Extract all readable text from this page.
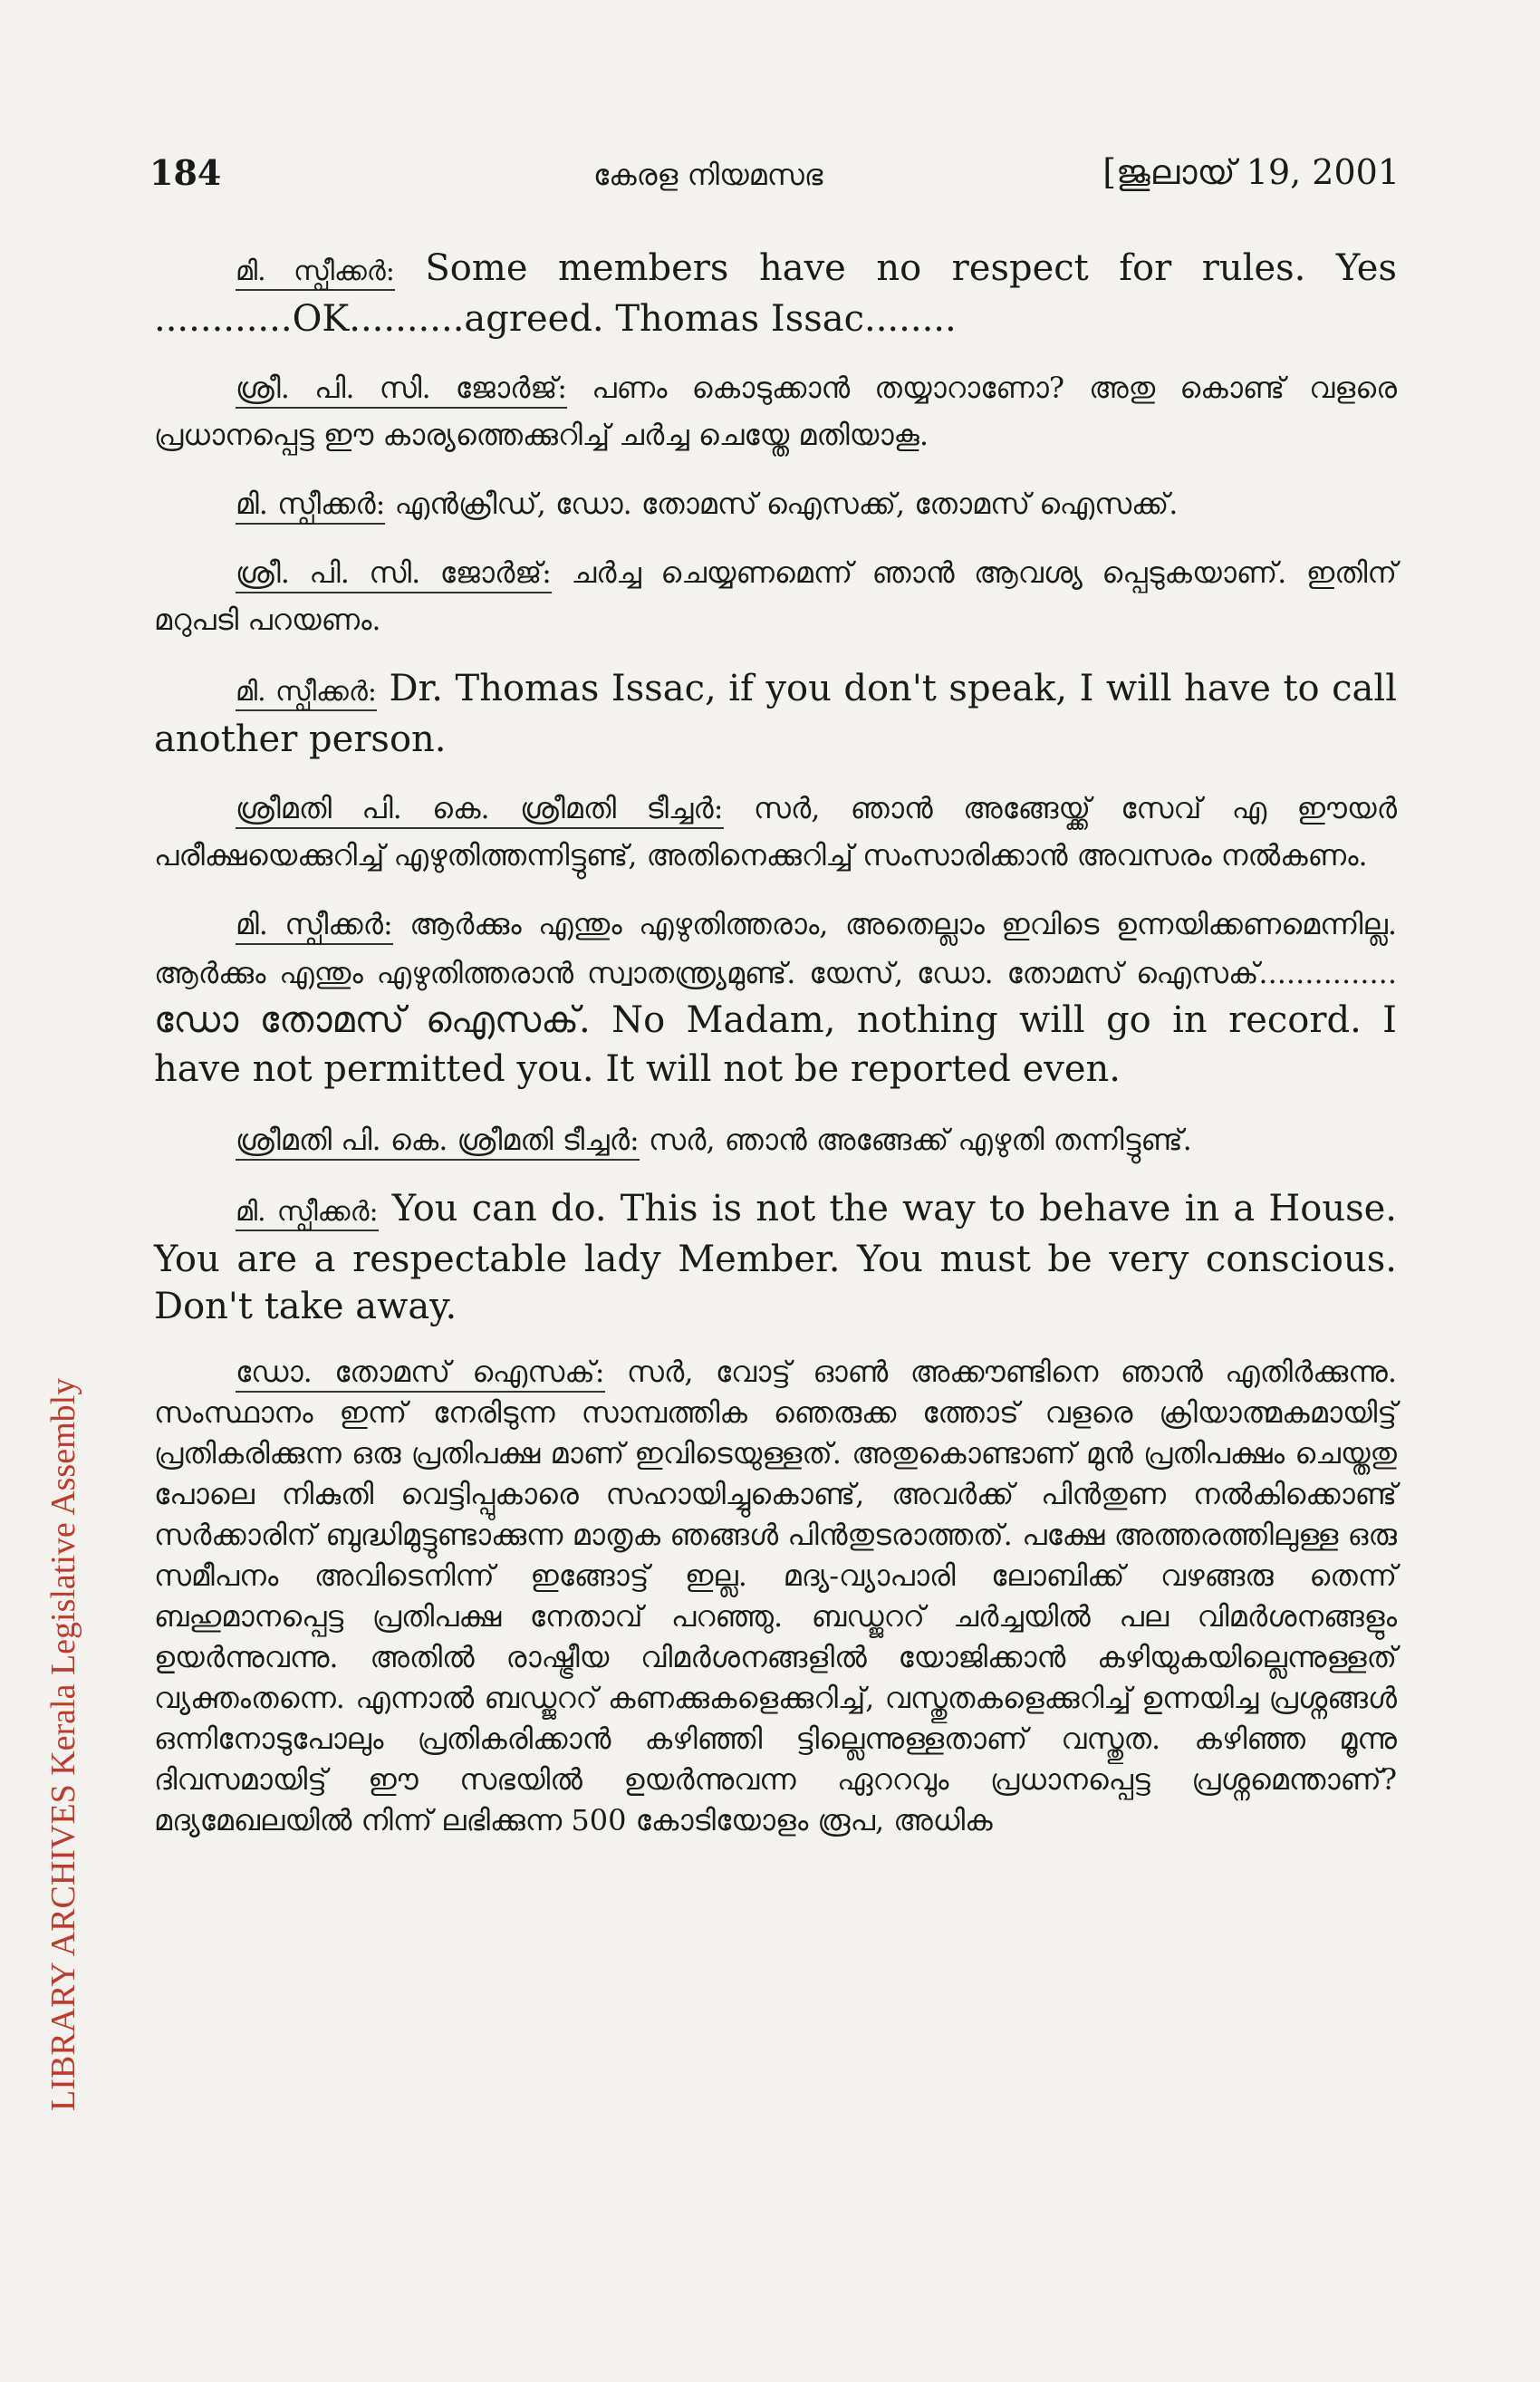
LIBRARY ARCHIVES Kerala Legislative Assembly
184	കേരള നിയമസഭ	[ജൂലായ് 19, 2001

മി. സ്പീക്കർ: Some members have no respect for rules. Yes ............OK..........agreed. Thomas Issac........

ശ്രീ. പി. സി. ജോർജ്: പണം കൊടുക്കാൻ തയ്യാറാണോ? അതു കൊണ്ട് വളരെ പ്രധാനപ്പെട്ട ഈ കാര്യത്തെക്കുറിച്ച് ചർച്ച ചെയ്തേ മതിയാകൂ.

മി. സ്പീക്കർ: എന്‍ക്രീഡ്, ഡോ. തോമസ് ഐസക്ക്, തോമസ് ഐസക്ക്.

ശ്രീ. പി. സി. ജോർജ്: ചർച്ച ചെയ്യണമെന്ന് ഞാൻ ആവശ്യ പ്പെടുകയാണ്. ഇതിന് മറുപടി പറയണം.

മി. സ്പീക്കർ: Dr. Thomas Issac, if you don't speak, I will have to call another person.

ശ്രീമതി പി. കെ. ശ്രീമതി ടീച്ചർ: സർ, ഞാൻ അങ്ങേയ്ക്ക് സേവ് എ ഈയർ പരീക്ഷയെക്കുറിച്ച് എഴുതിത്തന്നിട്ടുണ്ട്, അതിനെക്കുറിച്ച് സംസാരിക്കാൻ അവസരം നൽകണം.

മി. സ്പീക്കർ: ആർക്കും എന്തും എഴുതിത്തരാം, അതെല്ലാം ഇവിടെ ഉന്നയിക്കണമെന്നില്ല. ആർക്കും എന്തും എഴുതിത്തരാൻ സ്വാതന്ത്ര്യമുണ്ട്. യേസ്, ഡോ. തോമസ് ഐസക്............... ഡോ തോമസ് ഐസക്. No Madam, nothing will go in record. I have not permitted you. It will not be reported even.

ശ്രീമതി പി. കെ. ശ്രീമതി ടീച്ചർ: സർ, ഞാൻ അങ്ങേക്ക് എഴുതി തന്നിട്ടുണ്ട്.

മി. സ്പീക്കർ: You can do. This is not the way to behave in a House. You are a respectable lady Member. You must be very conscious. Don't take away.

ഡോ. തോമസ് ഐസക്: സർ, വോട്ട് ഓൺ അക്കൗണ്ടിനെ ഞാൻ എതിർക്കുന്നു. സംസ്ഥാനം ഇന്ന് നേരിടുന്ന സാമ്പത്തിക ഞെരുക്ക ത്തോട് വളരെ ക്രിയാത്മകമായിട്ട് പ്രതികരിക്കുന്ന ഒരു പ്രതിപക്ഷ മാണ് ഇവിടെയുള്ളത്. അതുകൊണ്ടാണ് മുൻ പ്രതിപക്ഷം ചെയ്തതു പോലെ നികുതി വെട്ടിപ്പുകാരെ സഹായിച്ചുകൊണ്ട്, അവർക്ക് പിൻതുണ നൽകിക്കൊണ്ട് സർക്കാരിന് ബുദ്ധിമുട്ടുണ്ടാക്കുന്ന മാതൃക ഞങ്ങൾ പിൻതുടരാത്തത്. പക്ഷേ അത്തരത്തിലുള്ള ഒരു സമീപനം അവിടെനിന്ന് ഇങ്ങോട്ട് ഇല്ല. മദ്യ-വ്യാപാരി ലോബിക്ക് വഴങ്ങരു തെന്ന് ബഹുമാനപ്പെട്ട പ്രതിപക്ഷ നേതാവ് പറഞ്ഞു. ബഡ്ജററ് ചർച്ചയിൽ പല വിമർശനങ്ങളും ഉയർന്നുവന്നു. അതിൽ രാഷ്ട്രീയ വിമർശനങ്ങളിൽ യോജിക്കാൻ കഴിയുകയില്ലെന്നുള്ളത് വ്യക്തംതന്നെ. എന്നാൽ ബഡ്ജററ് കണക്കുകളെക്കുറിച്ച്, വസ്തുതകളെക്കുറിച്ച് ഉന്നയിച്ച പ്രശ്നങ്ങൾ ഒന്നിനോടുപോലും പ്രതികരിക്കാൻ കഴിഞ്ഞി ട്ടില്ലെന്നുള്ളതാണ് വസ്തുത. കഴിഞ്ഞ മൂന്നു ദിവസമായിട്ട് ഈ സഭയിൽ ഉയർന്നുവന്ന ഏററവും പ്രധാനപ്പെട്ട പ്രശ്നമെന്താണ്? മദ്യമേഖലയിൽ നിന്ന് ലഭിക്കുന്ന 500 കോടിയോളം രൂപ, അധിക
